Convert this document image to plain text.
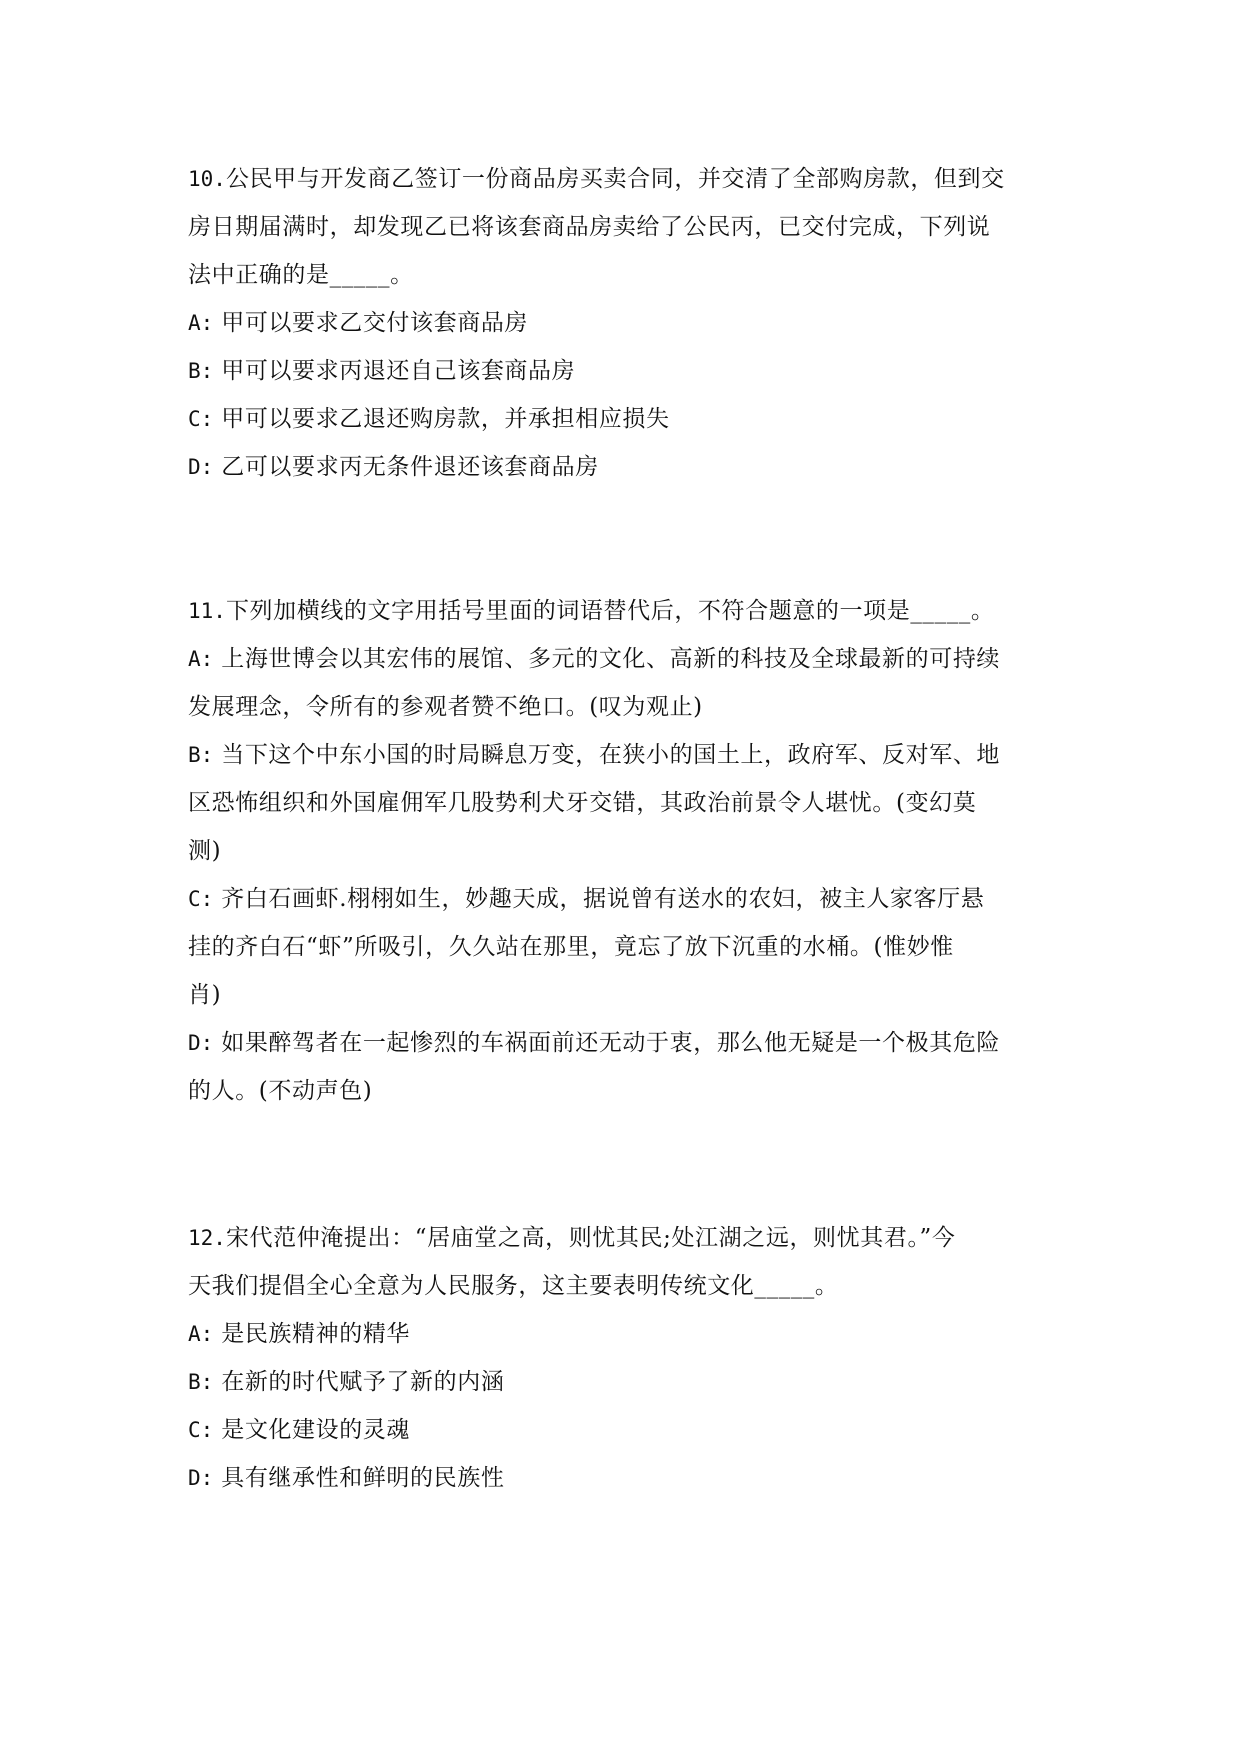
10.公民甲与开发商乙签订一份商品房买卖合同，并交清了全部购房款，但到交
房日期届满时，却发现乙已将该套商品房卖给了公民丙，已交付完成，下列说
法中正确的是_____。
A: 甲可以要求乙交付该套商品房
B: 甲可以要求丙退还自己该套商品房
C: 甲可以要求乙退还购房款，并承担相应损失
D: 乙可以要求丙无条件退还该套商品房
11.下列加横线的文字用括号里面的词语替代后，不符合题意的一项是_____。
A: 上海世博会以其宏伟的展馆、多元的文化、高新的科技及全球最新的可持续
发展理念，令所有的参观者赞不绝口。(叹为观止)
B: 当下这个中东小国的时局瞬息万变，在狭小的国土上，政府军、反对军、地
区恐怖组织和外国雇佣军几股势利犬牙交错，其政治前景令人堪忧。(变幻莫
测)
C: 齐白石画虾.栩栩如生，妙趣天成，据说曾有送水的农妇，被主人家客厅悬
挂的齐白石“虾”所吸引，久久站在那里，竟忘了放下沉重的水桶。(惟妙惟
肖)
D: 如果醉驾者在一起惨烈的车祸面前还无动于衷，那么他无疑是一个极其危险
的人。(不动声色)
12.宋代范仲淹提出：“居庙堂之高，则忧其民;处江湖之远，则忧其君。”今
天我们提倡全心全意为人民服务，这主要表明传统文化_____。
A: 是民族精神的精华
B: 在新的时代赋予了新的内涵
C: 是文化建设的灵魂
D: 具有继承性和鲜明的民族性
